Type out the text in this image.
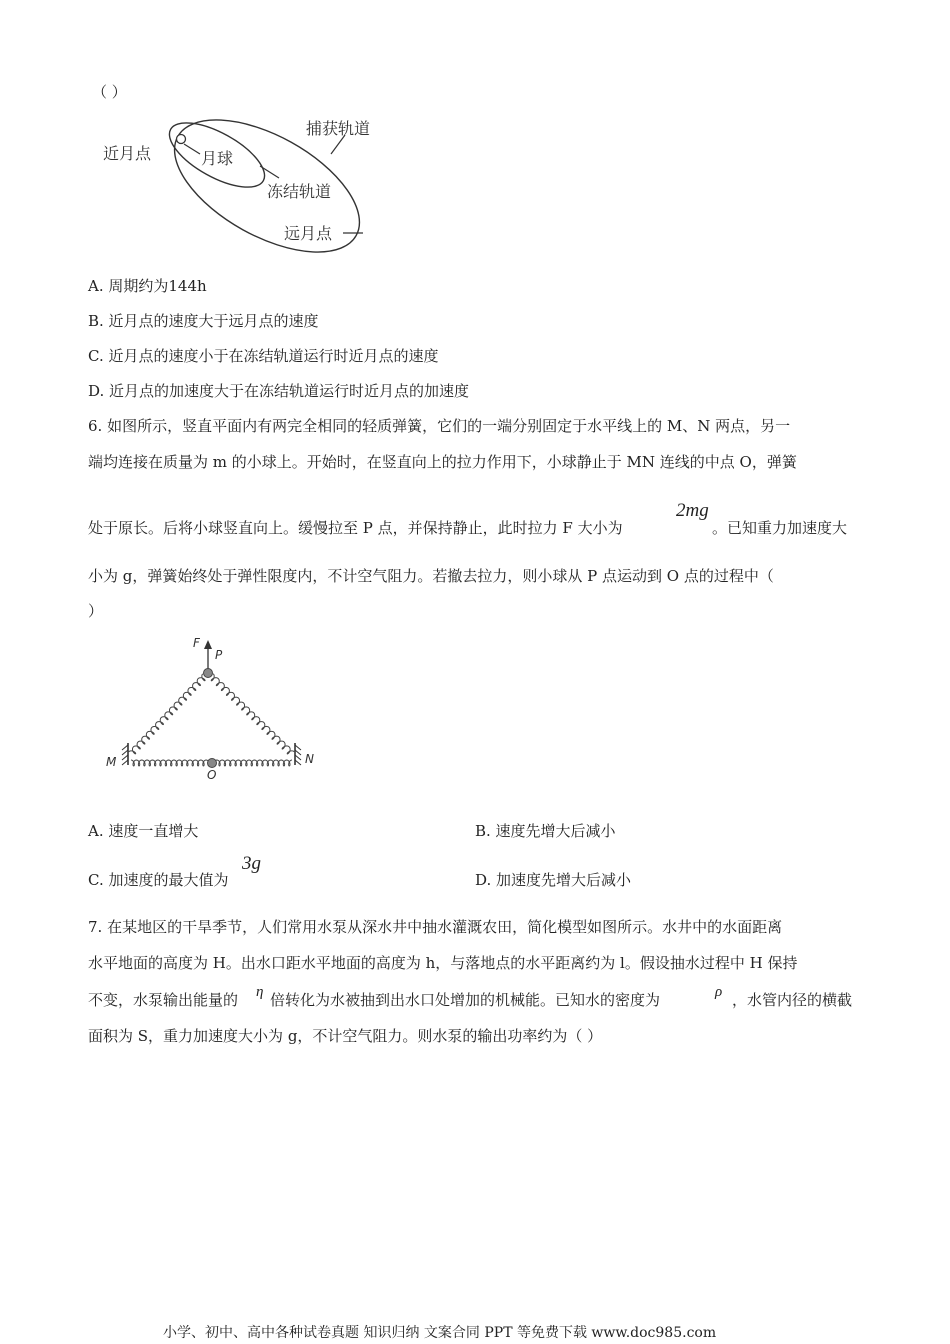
（ ）
近月点	月球
捕获轨道
冻结轨道
远月点
A. 周期约为144h
B. 近月点的速度大于远月点的速度
C. 近月点的速度小于在冻结轨道运行时近月点的速度
D. 近月点的加速度大于在冻结轨道运行时近月点的加速度
6. 如图所示，竖直平面内有两完全相同的轻质弹簧，它们的一端分别固定于水平线上的 M、N 两点，另一
端均连接在质量为 m 的小球上。开始时，在竖直向上的拉力作用下，小球静止于 MN 连线的中点 O，弹簧
处于原长。后将小球竖直向上。缓慢拉至 P 点，并保持静止，此时拉力 F 大小为
2mg
。已知重力加速度大
小为 g，弹簧始终处于弹性限度内，不计空气阻力。若撤去拉力，则小球从 P 点运动到 O 点的过程中（
）
F
P
M	N
O
A. 速度一直增大	B. 速度先增大后减小
C. 加速度的最大值为
3g
D. 加速度先增大后减小
7. 在某地区的干旱季节，人们常用水泵从深水井中抽水灌溉农田，简化模型如图所示。水井中的水面距离
水平地面的高度为 H。出水口距水平地面的高度为 h，与落地点的水平距离约为 l。假设抽水过程中 H 保持
不变，水泵输出能量的 η 倍转化为水被抽到出水口处增加的机械能。已知水的密度为	ρ ，水管内径的横截
面积为 S，重力加速度大小为 g，不计空气阻力。则水泵的输出功率约为（ ）
小学、初中、高中各种试卷真题 知识归纳 文案合同 PPT 等免费下载 www.doc985.com
